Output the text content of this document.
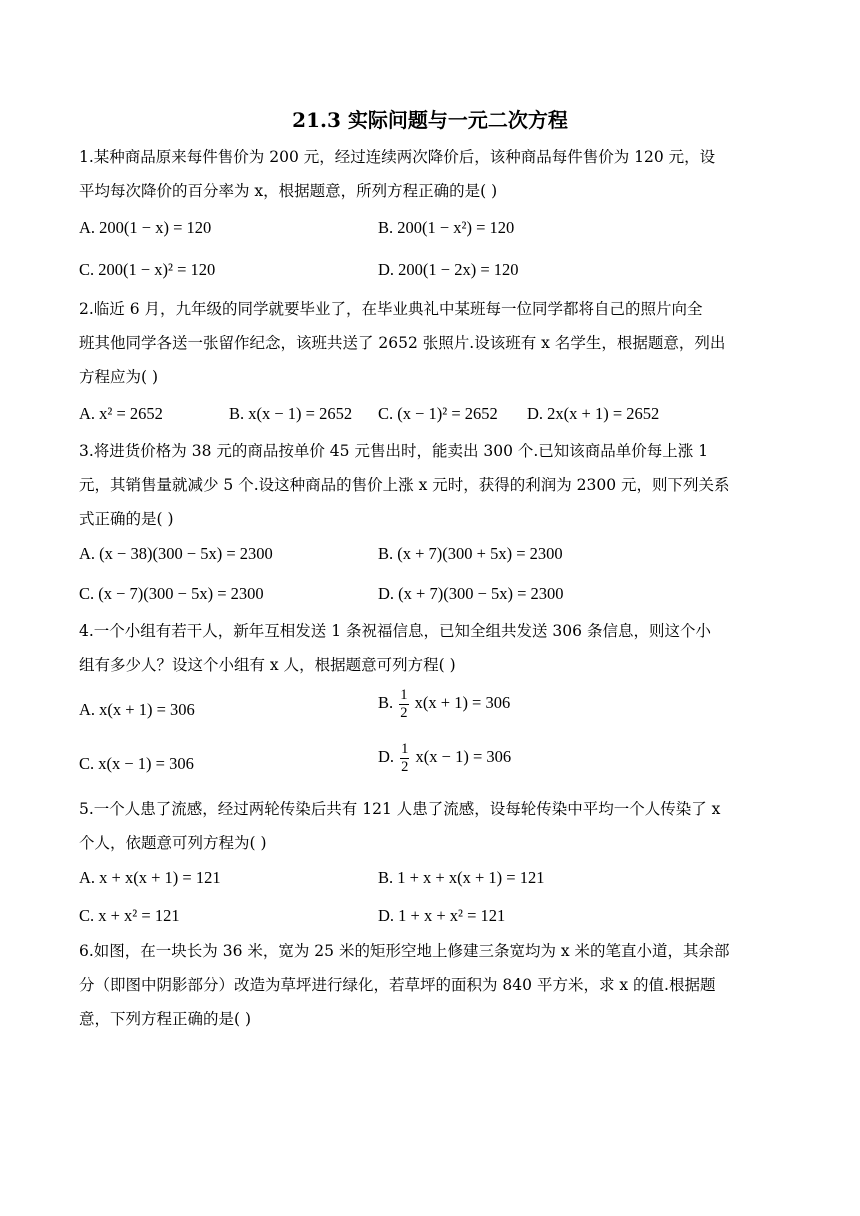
21.3 实际问题与一元二次方程
1.某种商品原来每件售价为 200 元，经过连续两次降价后，该种商品每件售价为 120 元，设
平均每次降价的百分率为 x，根据题意，所列方程正确的是( )
A. 200(1 − x) = 120	B. 200(1 − x²) = 120
C. 200(1 − x)² = 120	D. 200(1 − 2x) = 120
2.临近 6 月，九年级的同学就要毕业了，在毕业典礼中某班每一位同学都将自己的照片向全
班其他同学各送一张留作纪念，该班共送了 2652 张照片.设该班有 x 名学生，根据题意，列出
方程应为( )
A. x² = 2652	B. x(x − 1) = 2652 C. (x − 1)² = 2652 D. 2x(x + 1) = 2652
3.将进货价格为 38 元的商品按单价 45 元售出时，能卖出 300 个.已知该商品单价每上涨 1
元，其销售量就减少 5 个.设这种商品的售价上涨 x 元时，获得的利润为 2300 元，则下列关系
式正确的是( )
A. (x − 38)(300 − 5x) = 2300	B. (x + 7)(300 + 5x) = 2300
C. (x − 7)(300 − 5x) = 2300	D. (x + 7)(300 − 5x) = 2300
4.一个小组有若干人，新年互相发送 1 条祝福信息，已知全组共发送 306 条信息，则这个小
组有多少人？设这个小组有 x 人，根据题意可列方程( )
A. x(x + 1) = 306	B. $\frac{1}{2} x(x + 1) = 306$
C. x(x − 1) = 306	D. $\frac{1}{2} x(x - 1) = 306$
5.一个人患了流感，经过两轮传染后共有 121 人患了流感，设每轮传染中平均一个人传染了 x
个人，依题意可列方程为( )
A. x + x(x + 1) = 121	B. 1 + x + x(x + 1) = 121
C. x + x² = 121	D. 1 + x + x² = 121
6.如图，在一块长为 36 米，宽为 25 米的矩形空地上修建三条宽均为 x 米的笔直小道，其余部
分（即图中阴影部分）改造为草坪进行绿化，若草坪的面积为 840 平方米，求 x 的值.根据题
意，下列方程正确的是( )
